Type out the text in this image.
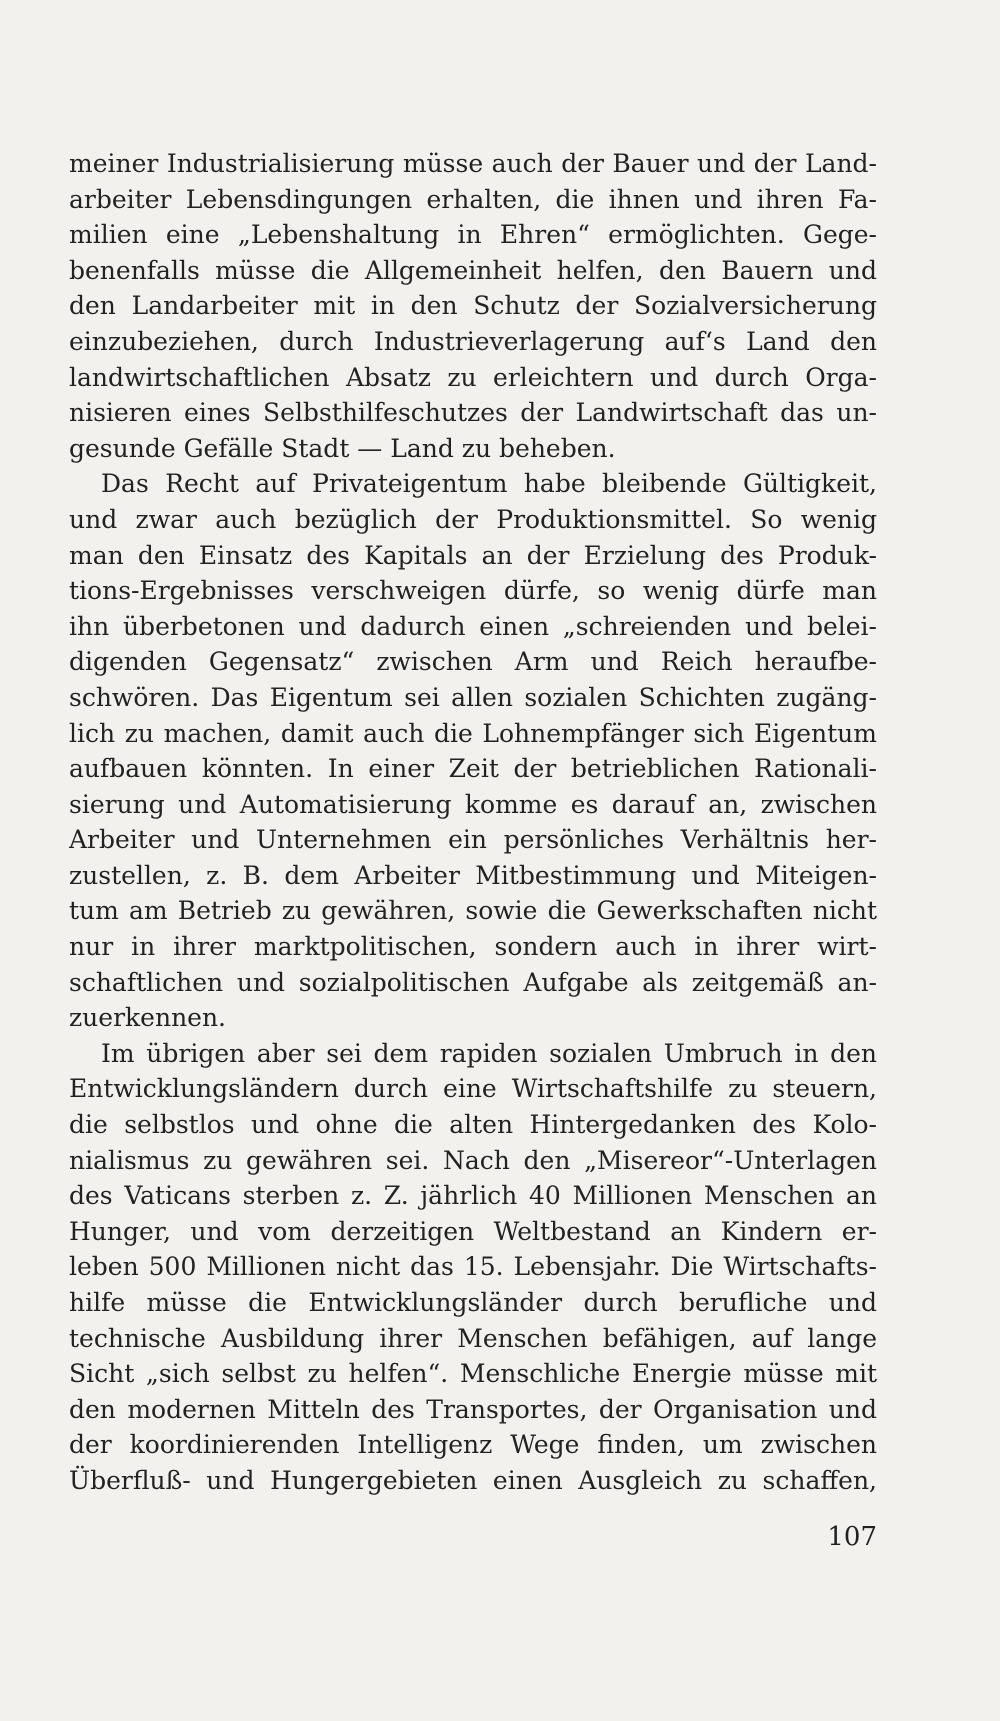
meiner Industrialisierung müsse auch der Bauer und der Land-
arbeiter Lebensdingungen erhalten, die ihnen und ihren Fa-
milien eine „Lebenshaltung in Ehren“ ermöglichten. Gege-
benenfalls müsse die Allgemeinheit helfen, den Bauern und
den Landarbeiter mit in den Schutz der Sozialversicherung
einzubeziehen, durch Industrieverlagerung auf‘s Land den
landwirtschaftlichen Absatz zu erleichtern und durch Orga-
nisieren eines Selbsthilfeschutzes der Landwirtschaft das un-
gesunde Gefälle Stadt — Land zu beheben.
Das Recht auf Privateigentum habe bleibende Gültigkeit,
und zwar auch bezüglich der Produktionsmittel. So wenig
man den Einsatz des Kapitals an der Erzielung des Produk-
tions-Ergebnisses verschweigen dürfe, so wenig dürfe man
ihn überbetonen und dadurch einen „schreienden und belei-
digenden Gegensatz“ zwischen Arm und Reich heraufbe-
schwören. Das Eigentum sei allen sozialen Schichten zugäng-
lich zu machen, damit auch die Lohnempfänger sich Eigentum
aufbauen könnten. In einer Zeit der betrieblichen Rationali-
sierung und Automatisierung komme es darauf an, zwischen
Arbeiter und Unternehmen ein persönliches Verhältnis her-
zustellen, z. B. dem Arbeiter Mitbestimmung und Miteigen-
tum am Betrieb zu gewähren, sowie die Gewerkschaften nicht
nur in ihrer marktpolitischen, sondern auch in ihrer wirt-
schaftlichen und sozialpolitischen Aufgabe als zeitgemäß an-
zuerkennen.
Im übrigen aber sei dem rapiden sozialen Umbruch in den
Entwicklungsländern durch eine Wirtschaftshilfe zu steuern,
die selbstlos und ohne die alten Hintergedanken des Kolo-
nialismus zu gewähren sei. Nach den „Misereor“-Unterlagen
des Vaticans sterben z. Z. jährlich 40 Millionen Menschen an
Hunger, und vom derzeitigen Weltbestand an Kindern er-
leben 500 Millionen nicht das 15. Lebensjahr. Die Wirtschafts-
hilfe müsse die Entwicklungsländer durch berufliche und
technische Ausbildung ihrer Menschen befähigen, auf lange
Sicht „sich selbst zu helfen“. Menschliche Energie müsse mit
den modernen Mitteln des Transportes, der Organisation und
der koordinierenden Intelligenz Wege finden, um zwischen
Überfluß- und Hungergebieten einen Ausgleich zu schaffen,
107
